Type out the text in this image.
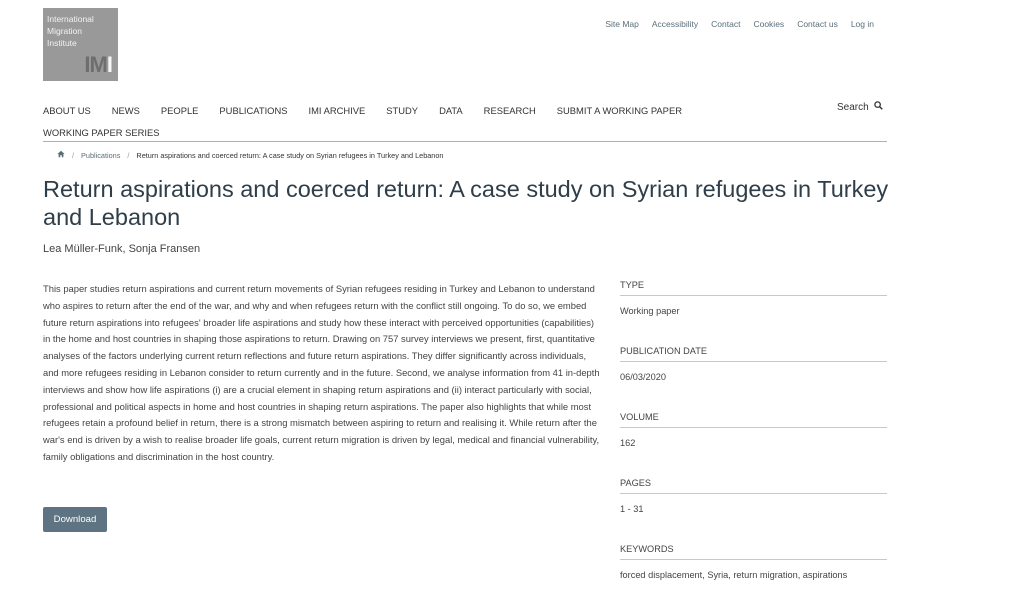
International
Migration
Institute
IMI
Site Map Accessibility Contact Cookies Contact us Log in
ABOUT US NEWS PEOPLE PUBLICATIONS IMI ARCHIVE STUDY DATA RESEARCH SUBMIT A WORKING PAPER
WORKING PAPER SERIES
Search
/ Publications / Return aspirations and coerced return: A case study on Syrian refugees in Turkey and Lebanon
Return aspirations and coerced return: A case study on Syrian refugees in Turkey and Lebanon
Lea Müller-Funk, Sonja Fransen

This paper studies return aspirations and current return movements of Syrian refugees residing in Turkey and Lebanon to understand who aspires to return after the end of the war, and why and when refugees return with the conflict still ongoing. To do so, we embed future return aspirations into refugees' broader life aspirations and study how these interact with perceived opportunities (capabilities) in the home and host countries in shaping those aspirations to return. Drawing on 757 survey interviews we present, first, quantitative analyses of the factors underlying current return reflections and future return aspirations. They differ significantly across individuals, and more refugees residing in Lebanon consider to return currently and in the future. Second, we analyse information from 41 in-depth interviews and show how life aspirations (i) are a crucial element in shaping return aspirations and (ii) interact particularly with social, professional and political aspects in home and host countries in shaping return aspirations. The paper also highlights that while most refugees retain a profound belief in return, there is a strong mismatch between aspiring to return and realising it. While return after the war's end is driven by a wish to realise broader life goals, current return migration is driven by legal, medical and financial vulnerability, family obligations and discrimination in the host country.

Download
TYPE
Working paper
PUBLICATION DATE
06/03/2020
VOLUME
162
PAGES
1 - 31
KEYWORDS
forced displacement, Syria, return migration, aspirations
